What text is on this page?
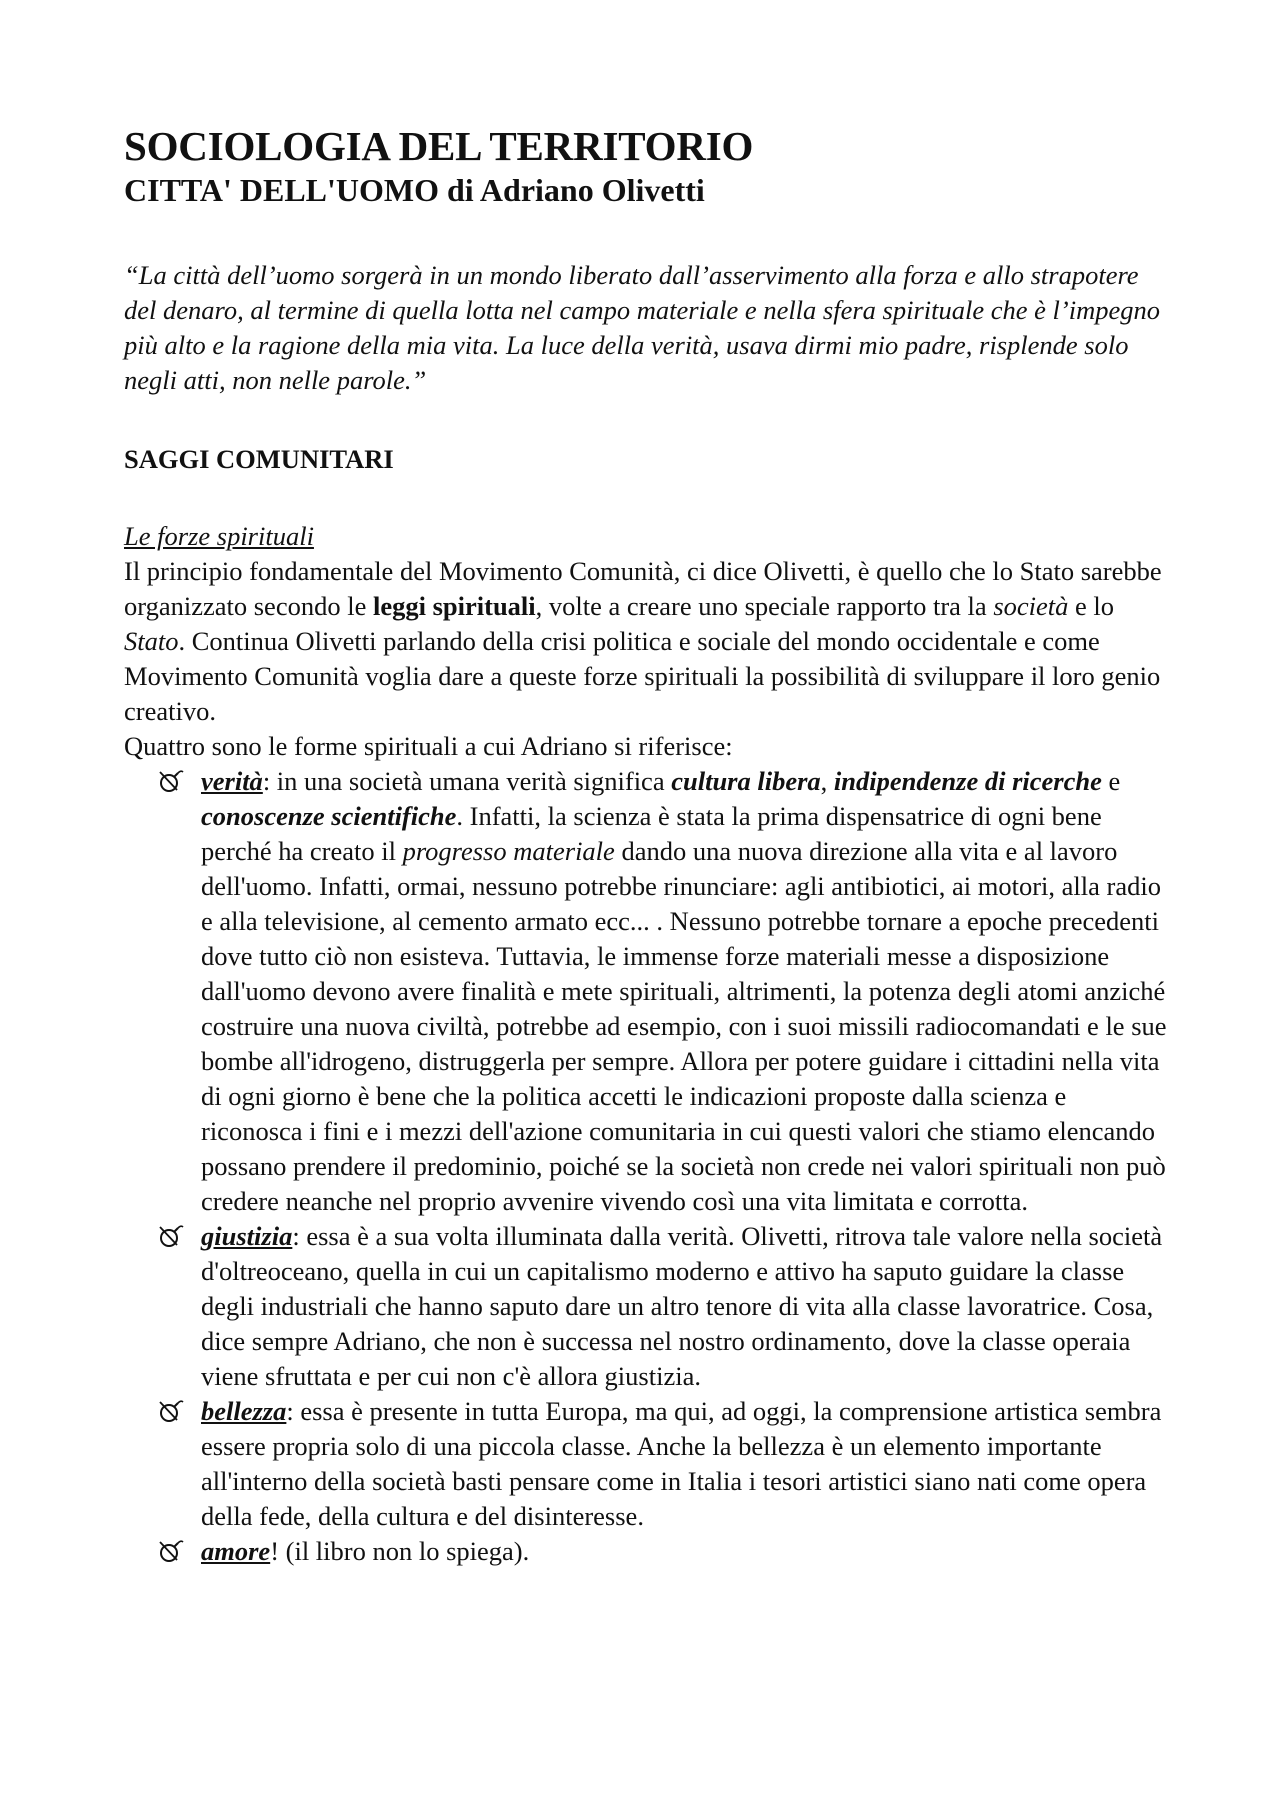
SOCIOLOGIA DEL TERRITORIO
CITTA' DELL'UOMO di Adriano Olivetti

“La città dell’uomo sorgerà in un mondo liberato dall’asservimento alla forza e allo strapotere del denaro, al termine di quella lotta nel campo materiale e nella sfera spirituale che è l’impegno più alto e la ragione della mia vita. La luce della verità, usava dirmi mio padre, risplende solo negli atti, non nelle parole.”

SAGGI COMUNITARI
Le forze spirituali

Il principio fondamentale del Movimento Comunità, ci dice Olivetti, è quello che lo Stato sarebbe organizzato secondo le leggi spirituali, volte a creare uno speciale rapporto tra la società e lo Stato. Continua Olivetti parlando della crisi politica e sociale del mondo occidentale e come Movimento Comunità voglia dare a queste forze spirituali la possibilità di sviluppare il loro genio creativo.

Quattro sono le forme spirituali a cui Adriano si riferisce:

verità: in una società umana verità significa cultura libera, indipendenze di ricerche e conoscenze scientifiche. Infatti, la scienza è stata la prima dispensatrice di ogni bene perché ha creato il progresso materiale dando una nuova direzione alla vita e al lavoro dell'uomo. Infatti, ormai, nessuno potrebbe rinunciare: agli antibiotici, ai motori, alla radio e alla televisione, al cemento armato ecc... . Nessuno potrebbe tornare a epoche precedenti dove tutto ciò non esisteva. Tuttavia, le immense forze materiali messe a disposizione dall'uomo devono avere finalità e mete spirituali, altrimenti, la potenza degli atomi anziché costruire una nuova civiltà, potrebbe ad esempio, con i suoi missili radiocomandati e le sue bombe all'idrogeno, distruggerla per sempre. Allora per potere guidare i cittadini nella vita di ogni giorno è bene che la politica accetti le indicazioni proposte dalla scienza e riconosca i fini e i mezzi dell'azione comunitaria in cui questi valori che stiamo elencando possano prendere il predominio, poiché se la società non crede nei valori spirituali non può credere neanche nel proprio avvenire vivendo così una vita limitata e corrotta.
giustizia: essa è a sua volta illuminata dalla verità. Olivetti, ritrova tale valore nella società d'oltreoceano, quella in cui un capitalismo moderno e attivo ha saputo guidare la classe degli industriali che hanno saputo dare un altro tenore di vita alla classe lavoratrice. Cosa, dice sempre Adriano, che non è successa nel nostro ordinamento, dove la classe operaia viene sfruttata e per cui non c'è allora giustizia.
bellezza: essa è presente in tutta Europa, ma qui, ad oggi, la comprensione artistica sembra essere propria solo di una piccola classe. Anche la bellezza è un elemento importante all'interno della società basti pensare come in Italia i tesori artistici siano nati come opera della fede, della cultura e del disinteresse.
amore! (il libro non lo spiega).
